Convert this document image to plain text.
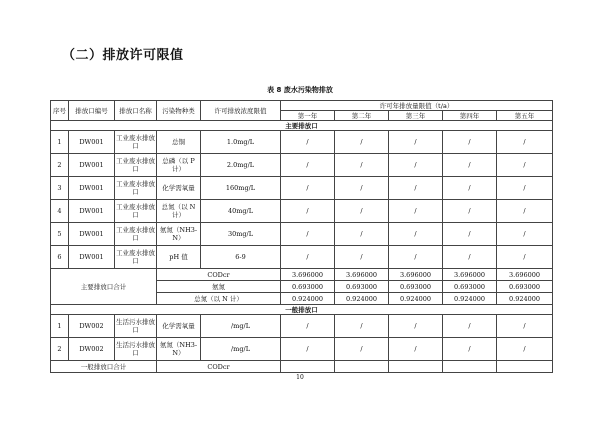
（二）排放许可限值
表 8 废水污染物排放
序号	排放口编号	排放口名称	污染物种类	许可排放浓度限值	许可年排放量限值（t/a）				
					第一年	第二年	第三年	第四年	第五年
主要排放口									
1	DW001	工业废水排放口	总铜	1.0mg/L	/	/	/	/	/
2	DW001	工业废水排放口	总磷（以 P 计）	2.0mg/L	/	/	/	/	/
3	DW001	工业废水排放口	化学需氧量	160mg/L	/	/	/	/	/
4	DW001	工业废水排放口	总氮（以 N 计）	40mg/L	/	/	/	/	/
5	DW001	工业废水排放口	氨氮（NH3-N）	30mg/L	/	/	/	/	/
6	DW001	工业废水排放口	pH 值	6-9	/	/	/	/	/
主要排放口合计			CODcr		3.696000	3.696000	3.696000	3.696000	3.696000
			氨氮		0.693000	0.693000	0.693000	0.693000	0.693000
			总氮（以 N 计）		0.924000	0.924000	0.924000	0.924000	0.924000
一般排放口									
1	DW002	生活污水排放口	化学需氧量	/mg/L	/	/	/	/	/
2	DW002	生活污水排放口	氨氮（NH3-N）	/mg/L	/	/	/	/	/
一般排放口合计			CODcr						
10
